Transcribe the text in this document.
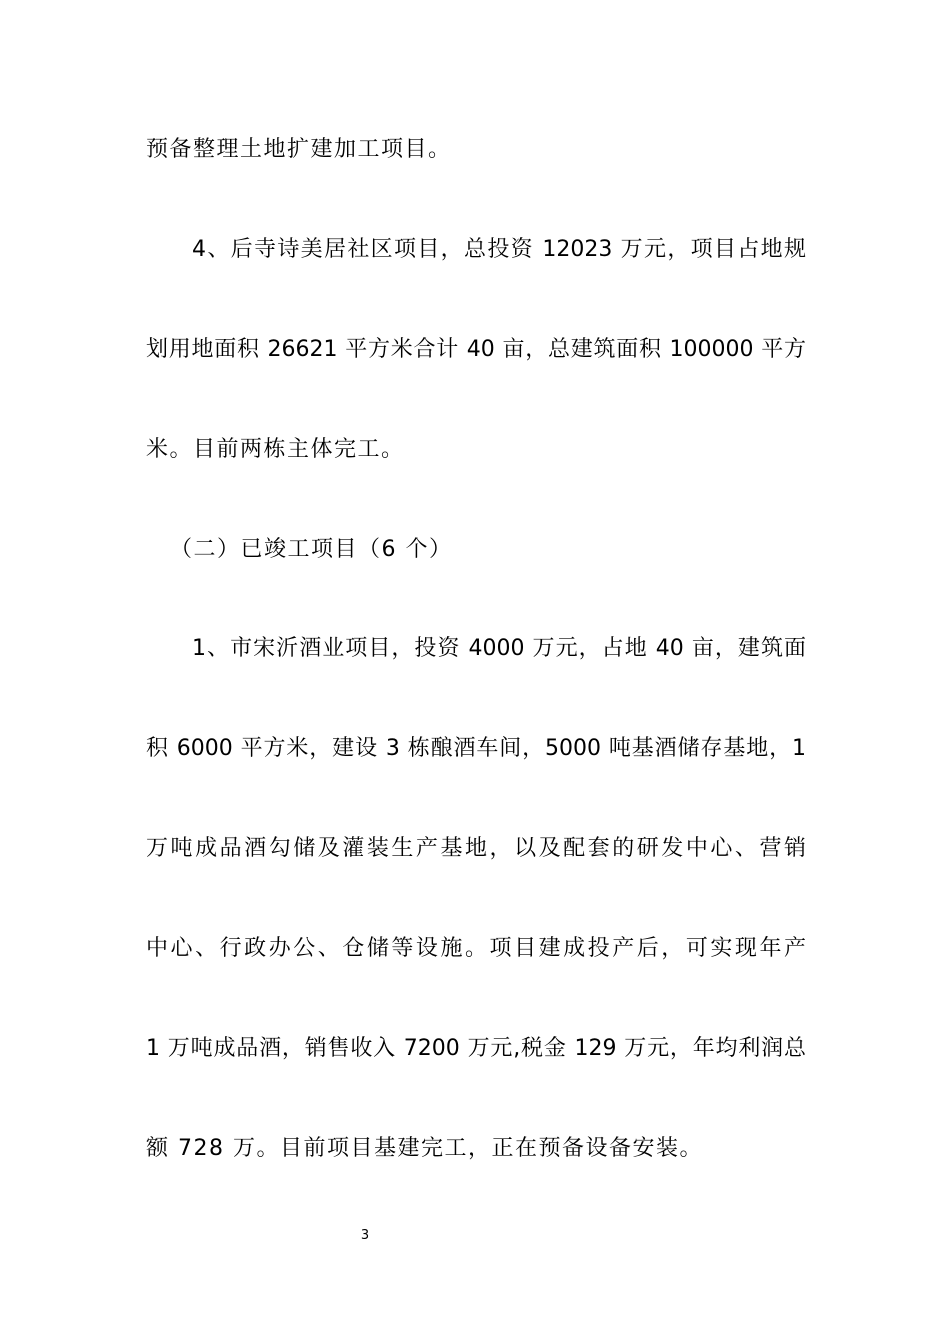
预备整理土地扩建加工项目。
4、后寺诗美居社区项目，总投资 12023 万元，项目占地规
划用地面积 26621 平方米合计 40 亩，总建筑面积 100000 平方
米。目前两栋主体完工。
（二）已竣工项目（6 个）
1、市宋沂酒业项目，投资 4000 万元，占地 40 亩，建筑面
积 6000 平方米，建设 3 栋酿酒车间，5000 吨基酒储存基地，1
万吨成品酒勾储及灌装生产基地，以及配套的研发中心、营销
中心、行政办公、仓储等设施。项目建成投产后，可实现年产
1 万吨成品酒，销售收入 7200 万元,税金 129 万元，年均利润总
额 728 万。目前项目基建完工，正在预备设备安装。
3
